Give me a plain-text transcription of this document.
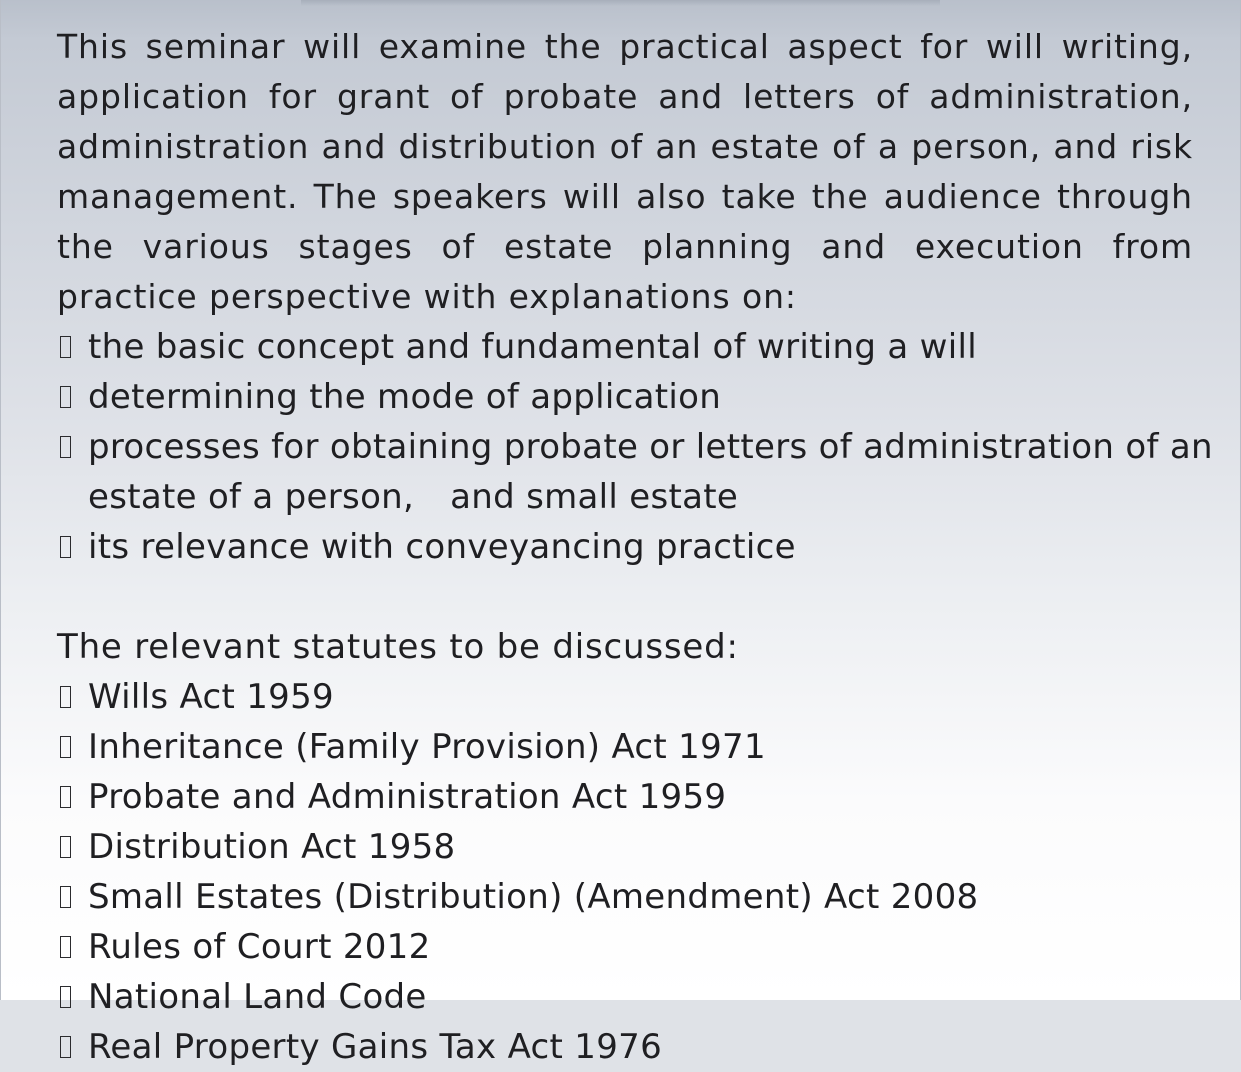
This seminar will examine the practical aspect for will writing, application for grant of probate and letters of administration, administration and distribution of an estate of a person, and risk management. The speakers will also take the audience through the various stages of estate planning and execution from practice perspective with explanations on:

the basic concept and fundamental of writing a will
determining the mode of application
processes for obtaining probate or letters of administration of an
estate of a person, and small estate
its relevance with conveyancing practice

The relevant statutes to be discussed:

Wills Act 1959
Inheritance (Family Provision) Act 1971
Probate and Administration Act 1959
Distribution Act 1958
Small Estates (Distribution) (Amendment) Act 2008
Rules of Court 2012
National Land Code
Real Property Gains Tax Act 1976
